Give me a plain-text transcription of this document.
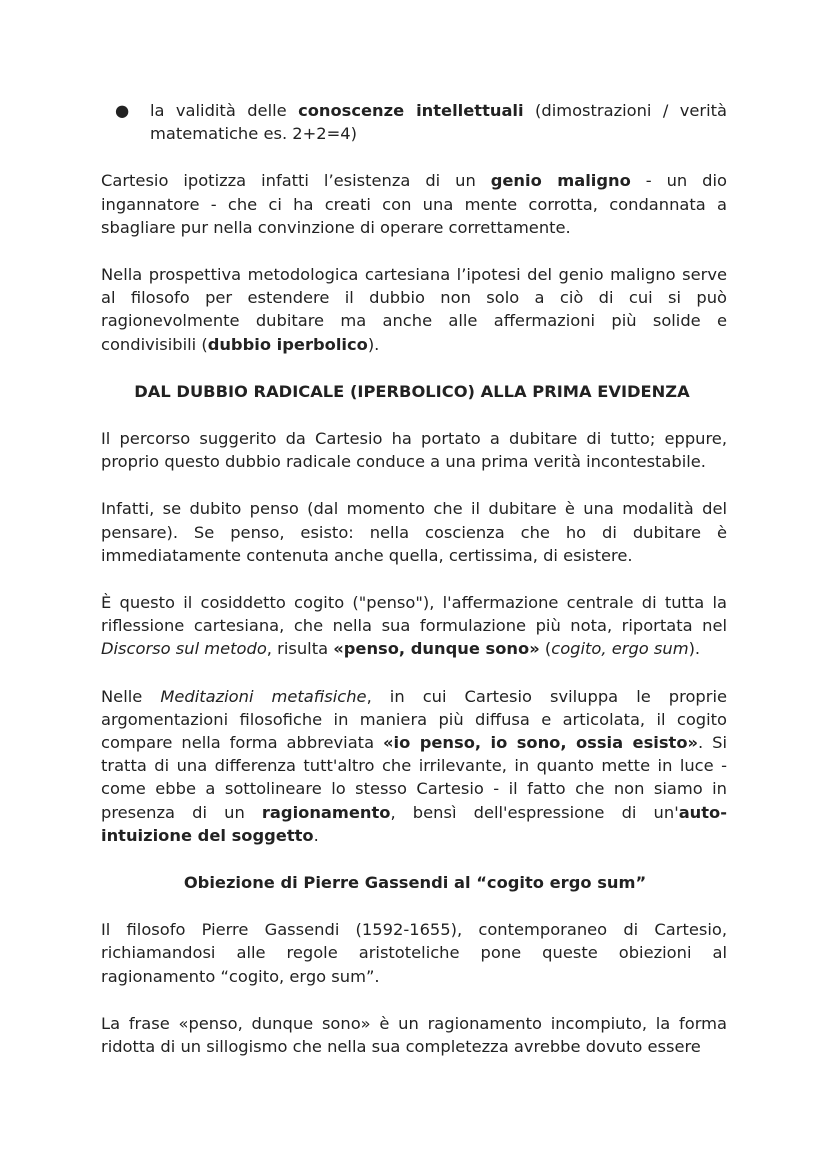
● la validità delle conoscenze intellettuali (dimostrazioni / verità matematiche es. 2+2=4)

Cartesio ipotizza infatti l’esistenza di un genio maligno - un dio ingannatore - che ci ha creati con una mente corrotta, condannata a sbagliare pur nella convinzione di operare correttamente.

Nella prospettiva metodologica cartesiana l’ipotesi del genio maligno serve al filosofo per estendere il dubbio non solo a ciò di cui si può ragionevolmente dubitare ma anche alle affermazioni più solide e condivisibili (dubbio iperbolico).

DAL DUBBIO RADICALE (IPERBOLICO) ALLA PRIMA EVIDENZA

Il percorso suggerito da Cartesio ha portato a dubitare di tutto; eppure, proprio questo dubbio radicale conduce a una prima verità incontestabile.

Infatti, se dubito penso (dal momento che il dubitare è una modalità del pensare). Se penso, esisto: nella coscienza che ho di dubitare è immediatamente contenuta anche quella, certissima, di esistere.

È questo il cosiddetto cogito ("penso"), l'affermazione centrale di tutta la riflessione cartesiana, che nella sua formulazione più nota, riportata nel Discorso sul metodo, risulta «penso, dunque sono» (cogito, ergo sum).

Nelle Meditazioni metafisiche, in cui Cartesio sviluppa le proprie argomentazioni filosofiche in maniera più diffusa e articolata, il cogito compare nella forma abbreviata «io penso, io sono, ossia esisto». Si tratta di una differenza tutt'altro che irrilevante, in quanto mette in luce - come ebbe a sottolineare lo stesso Cartesio - il fatto che non siamo in presenza di un ragionamento, bensì dell'espressione di un'auto-intuizione del soggetto.

Obiezione di Pierre Gassendi al “cogito ergo sum”

Il filosofo Pierre Gassendi (1592-1655), contemporaneo di Cartesio, richiamandosi alle regole aristoteliche pone queste obiezioni al ragionamento “cogito, ergo sum”.

La frase «penso, dunque sono» è un ragionamento incompiuto, la forma ridotta di un sillogismo che nella sua completezza avrebbe dovuto essere
